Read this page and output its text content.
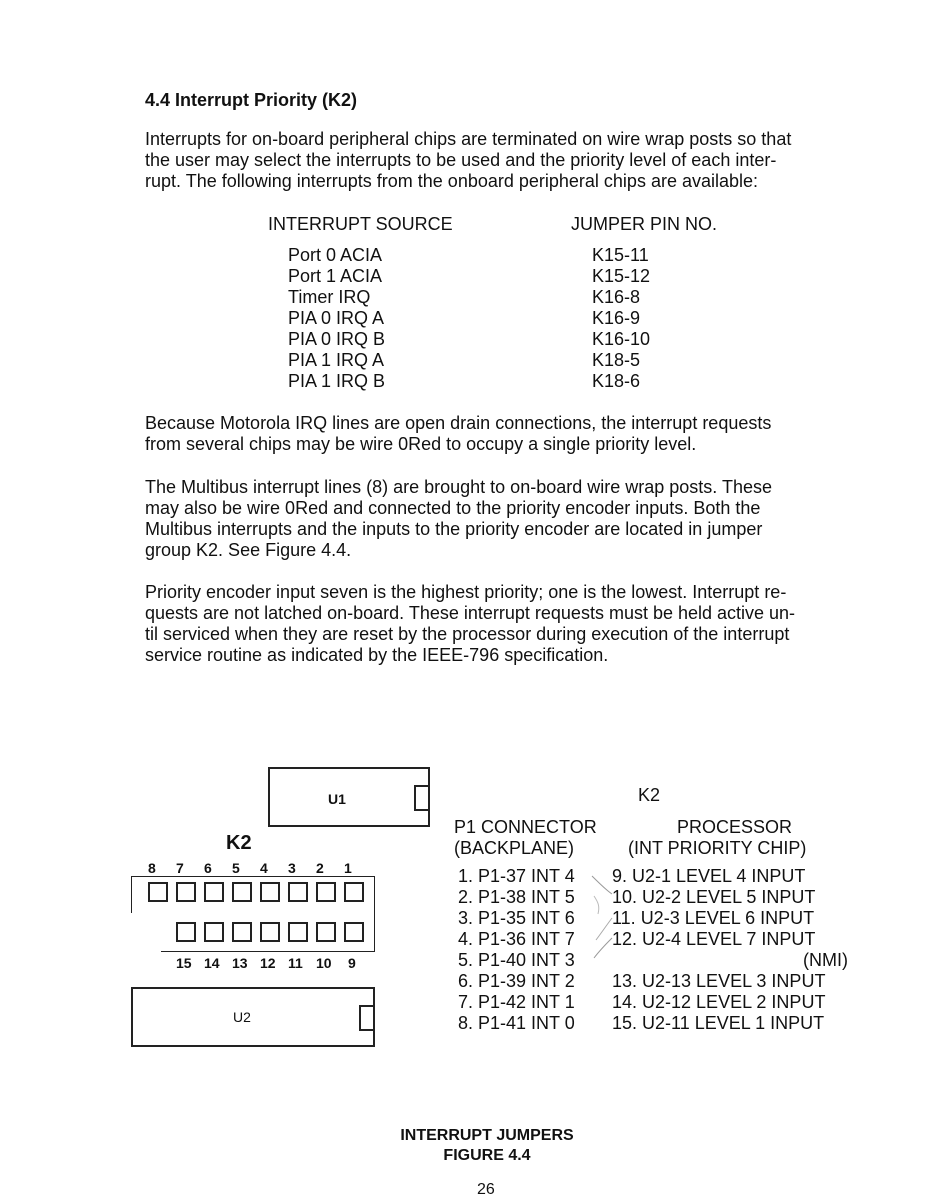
4.4 Interrupt Priority (K2)
Interrupts for on-board peripheral chips are terminated on wire wrap posts so that
the user may select the interrupts to be used and the priority level of each inter-
rupt. The following interrupts from the onboard peripheral chips are available:
INTERRUPT SOURCE	JUMPER PIN NO.
Port 0 ACIA
Port 1 ACIA
Timer IRQ
PIA 0 IRQ A
PIA 0 IRQ B
PIA 1 IRQ A
PIA 1 IRQ B
K15-11
K15-12
K16-8
K16-9
K16-10
K18-5
K18-6
Because Motorola IRQ lines are open drain connections, the interrupt requests
from several chips may be wire 0Red to occupy a single priority level.
The Multibus interrupt lines (8) are brought to on-board wire wrap posts. These
may also be wire 0Red and connected to the priority encoder inputs. Both the
Multibus interrupts and the inputs to the priority encoder are located in jumper
group K2. See Figure 4.4.
Priority encoder input seven is the highest priority; one is the lowest. Interrupt re-
quests are not latched on-board. These interrupt requests must be held active un-
til serviced when they are reset by the processor during execution of the interrupt
service routine as indicated by the IEEE-796 specification.
U1
K2
8 7 6 5 4 3 2 1
15 14 13 12 11 10 9
U2
K2
P1 CONNECTOR
(BACKPLANE)
PROCESSOR
(INT PRIORITY CHIP)
1. P1-37 INT 4
2. P1-38 INT 5
3. P1-35 INT 6
4. P1-36 INT 7
5. P1-40 INT 3
6. P1-39 INT 2
7. P1-42 INT 1
8. P1-41 INT 0
9. U2-1 LEVEL 4 INPUT
10. U2-2 LEVEL 5 INPUT
11. U2-3 LEVEL 6 INPUT
12. U2-4 LEVEL 7 INPUT
(NMI)
13. U2-13 LEVEL 3 INPUT
14. U2-12 LEVEL 2 INPUT
15. U2-11 LEVEL 1 INPUT
INTERRUPT JUMPERS
FIGURE 4.4
26
